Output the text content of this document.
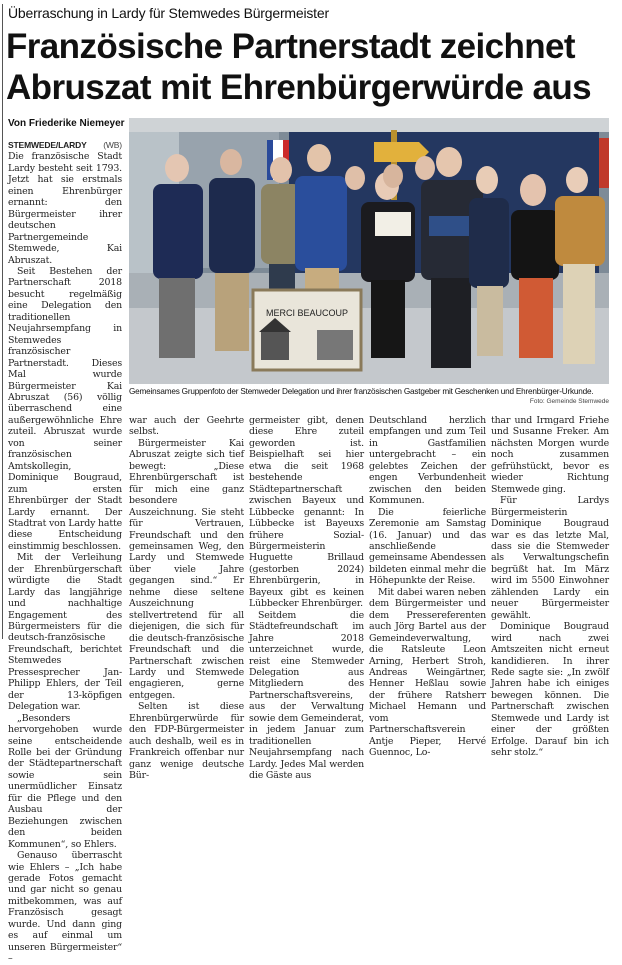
Überraschung in Lardy für Stemwedes Bürgermeister
Französische Partnerstadt zeichnet
Abruszat mit Ehrenbürgerwürde aus
Von Friederike Niemeyer

STEMWEDE/LARDY (WB) Die französische Stadt Lardy besteht seit 1793. Jetzt hat sie erstmals einen Ehrenbürger ernannt: den Bürgermeister ihrer deutschen Partnergemeinde Stemwede, Kai Abruszat.

Seit Bestehen der Partnerschaft 2018 besucht regelmäßig eine Delegation den traditionellen Neujahrsempfang in Stemwedes französischer Partnerstadt. Dieses Mal wurde Bürgermeister Kai Abruszat (56) völlig überraschend eine außergewöhnliche Ehre zuteil. Abruszat wurde von seiner französischen Amtskollegin, Dominique Bougraud, zum ersten Ehrenbürger der Stadt Lardy ernannt. Der Stadtrat von Lardy hatte diese Entscheidung einstimmig beschlossen.

Mit der Verleihung der Ehrenbürgerschaft würdigte die Stadt Lardy das langjährige und nachhaltige Engagement des Bürgermeisters für die deutsch-französische Freundschaft, berichtet Stemwedes Pressesprecher Jan-Philipp Ehlers, der Teil der 13-köpfigen Delegation war.

„Besonders hervorgehoben wurde seine entscheidende Rolle bei der Gründung der Städtepartnerschaft sowie sein unermüdlicher Einsatz für die Pflege und den Ausbau der Beziehungen zwischen den beiden Kommunen“, so Ehlers.

Genauso überrascht wie Ehlers – „Ich habe gerade Fotos gemacht und gar nicht so genau mitbekommen, was auf Französisch gesagt wurde. Und dann ging es auf einmal um unseren Bürgermeister“ –

MERCI BEAUCOUP
Gemeinsames Gruppenfoto der Stemweder Delegation und ihrer französischen Gastgeber mit Geschenken und Ehrenbürger-Urkunde.
Foto: Gemeinde Stemwede

war auch der Geehrte selbst.

Bürgermeister Kai Abruszat zeigte sich tief bewegt: „Diese Ehrenbürgerschaft ist für mich eine ganz besondere Auszeichnung. Sie steht für Vertrauen, Freundschaft und den gemeinsamen Weg, den Lardy und Stemwede über viele Jahre gegangen sind.“ Er nehme diese seltene Auszeichnung stellvertretend für all diejenigen, die sich für die deutsch-französische Freundschaft und die Partnerschaft zwischen Lardy und Stemwede engagieren, gerne entgegen.

Selten ist diese Ehrenbürgerwürde für den FDP-Bürgermeister auch deshalb, weil es in Frankreich offenbar nur ganz wenige deutsche Bür-

germeister gibt, denen diese Ehre zuteil geworden ist. Beispielhaft sei hier etwa die seit 1968 bestehende Städtepartnerschaft zwischen Bayeux und Lübbecke genannt: In Lübbecke ist Bayeuxs frühere Sozial-Bürgermeisterin Huguette Brillaud (gestorben 2024) Ehrenbürgerin, in Bayeux gibt es keinen Lübbecker Ehrenbürger.

Seitdem die Städtefreundschaft im Jahre 2018 unterzeichnet wurde, reist eine Stemweder Delegation aus Mitgliedern des Partnerschaftsvereins, aus der Verwaltung sowie dem Gemeinderat, in jedem Januar zum traditionellen Neujahrsempfang nach Lardy. Jedes Mal werden die Gäste aus

Deutschland herzlich empfangen und zum Teil in Gastfamilien untergebracht – ein gelebtes Zeichen der engen Verbundenheit zwischen den beiden Kommunen.

Die feierliche Zeremonie am Samstag (16. Januar) und das anschließende gemeinsame Abendessen bildeten einmal mehr die Höhepunkte der Reise.

Mit dabei waren neben dem Bürgermeister und dem Pressereferenten auch Jörg Bartel aus der Gemeindeverwaltung, die Ratsleute Leon Arning, Herbert Stroh, Andreas Weingärtner, Henner Heßlau sowie der frühere Ratsherr Michael Hemann und vom Partnerschaftsverein Antje Pieper, Hervé Guennoc, Lo-

thar und Irmgard Friehe und Susanne Freker. Am nächsten Morgen wurde noch zusammen gefrühstückt, bevor es wieder Richtung Stemwede ging.

Für Lardys Bürgermeisterin Dominique Bougraud war es das letzte Mal, dass sie die Stemweder als Verwaltungschefin begrüßt hat. Im März wird im 5500 Einwohner zählenden Lardy ein neuer Bürgermeister gewählt.

Dominique Bougraud wird nach zwei Amtszeiten nicht erneut kandidieren. In ihrer Rede sagte sie: „In zwölf Jahren habe ich einiges bewegen können. Die Partnerschaft zwischen Stemwede und Lardy ist einer der größten Erfolge. Darauf bin ich sehr stolz.“
